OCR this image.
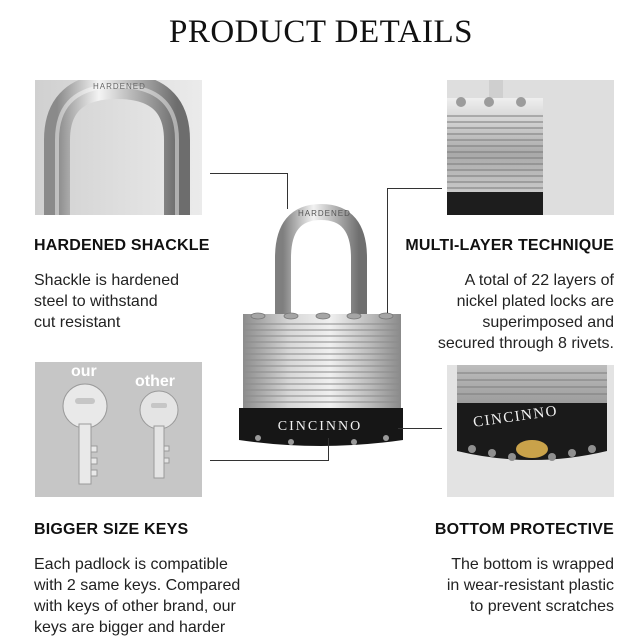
PRODUCT DETAILS
HARDENED
our
other
CINCINNO
HARDENED
CINCINNO
HARDENED SHACKLE
Shackle is hardened
steel to withstand
cut resistant
MULTI-LAYER TECHNIQUE
A total of 22 layers of
nickel plated locks are
superimposed and
secured through 8 rivets.
BIGGER SIZE KEYS
Each padlock is compatible
with 2 same keys. Compared
with keys of other brand, our
keys are bigger and harder
BOTTOM PROTECTIVE
The bottom is wrapped
in wear-resistant plastic
to prevent scratches
